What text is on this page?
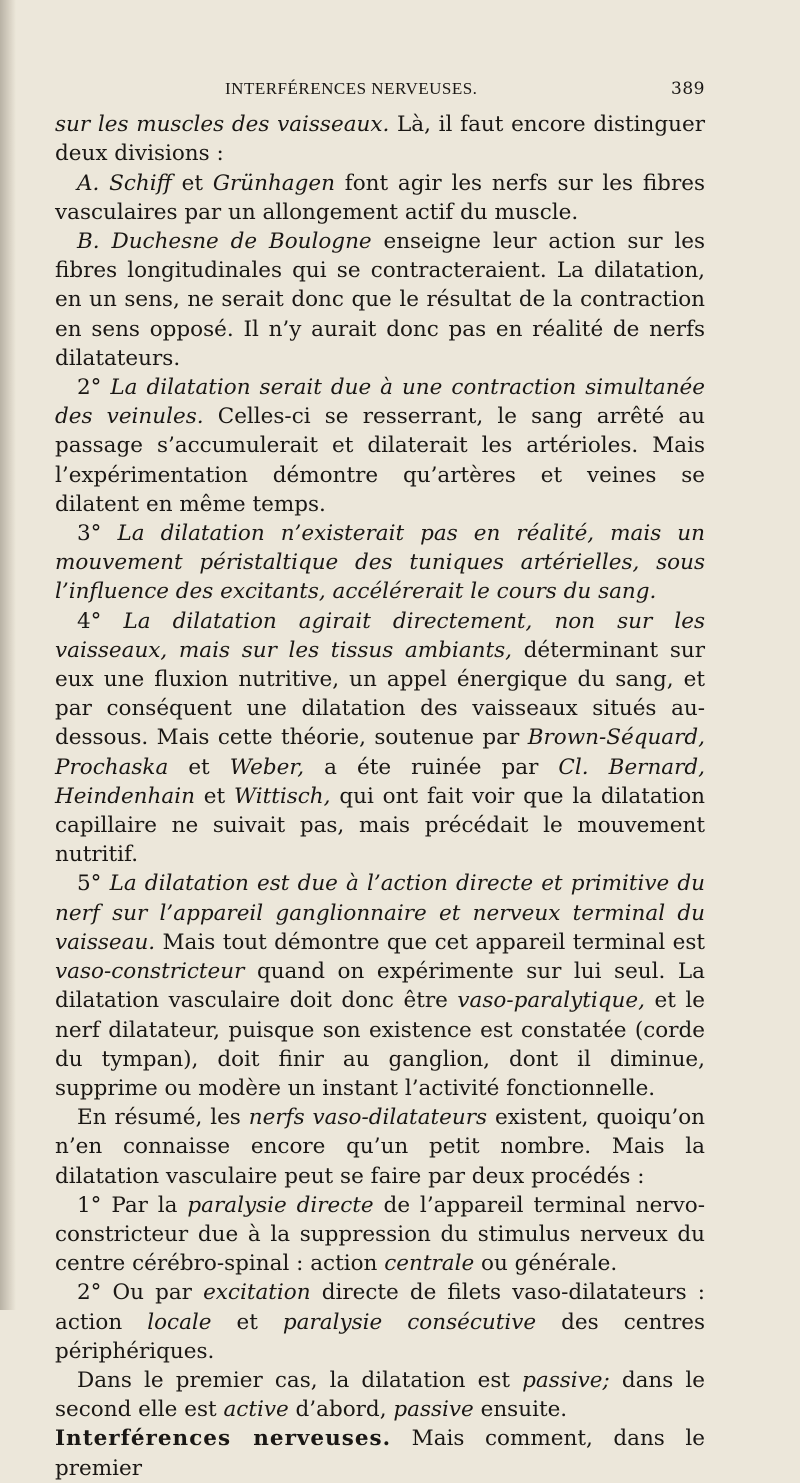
INTERFÉRENCES NERVEUSES.	389

sur les muscles des vaisseaux. Là, il faut encore distinguer deux divisions :

A. Schiff et Grünhagen font agir les nerfs sur les fibres vasculaires par un allongement actif du muscle.

B. Duchesne de Boulogne enseigne leur action sur les fibres longitudinales qui se contracteraient. La dilatation, en un sens, ne serait donc que le résultat de la contraction en sens opposé. Il n’y aurait donc pas en réalité de nerfs dilatateurs.

2° La dilatation serait due à une contraction simultanée des veinules. Celles-ci se resserrant, le sang arrêté au passage s’accumulerait et dilaterait les artérioles. Mais l’expérimentation démontre qu’artères et veines se dilatent en même temps.

3° La dilatation n’existerait pas en réalité, mais un mouvement péristaltique des tuniques artérielles, sous l’influence des excitants, accélérerait le cours du sang.

4° La dilatation agirait directement, non sur les vaisseaux, mais sur les tissus ambiants, déterminant sur eux une fluxion nutritive, un appel énergique du sang, et par conséquent une dilatation des vaisseaux situés au-dessous. Mais cette théorie, soutenue par Brown-Séquard, Prochaska et Weber, a éte ruinée par Cl. Bernard, Heindenhain et Wittisch, qui ont fait voir que la dilatation capillaire ne suivait pas, mais précédait le mouvement nutritif.

5° La dilatation est due à l’action directe et primitive du nerf sur l’appareil ganglionnaire et nerveux terminal du vaisseau. Mais tout démontre que cet appareil terminal est vaso-constricteur quand on expérimente sur lui seul. La dilatation vasculaire doit donc être vaso-paralytique, et le nerf dilatateur, puisque son existence est constatée (corde du tympan), doit finir au ganglion, dont il diminue, supprime ou modère un instant l’activité fonctionnelle.

En résumé, les nerfs vaso-dilatateurs existent, quoiqu’on n’en connaisse encore qu’un petit nombre. Mais la dilatation vasculaire peut se faire par deux procédés :

1° Par la paralysie directe de l’appareil terminal nervo-constricteur due à la suppression du stimulus nerveux du centre cérébro-spinal : action centrale ou générale.

2° Ou par excitation directe de filets vaso-dilatateurs : action locale et paralysie consécutive des centres périphériques.

Dans le premier cas, la dilatation est passive; dans le second elle est active d’abord, passive ensuite.

Interférences nerveuses. Mais comment, dans le premier
